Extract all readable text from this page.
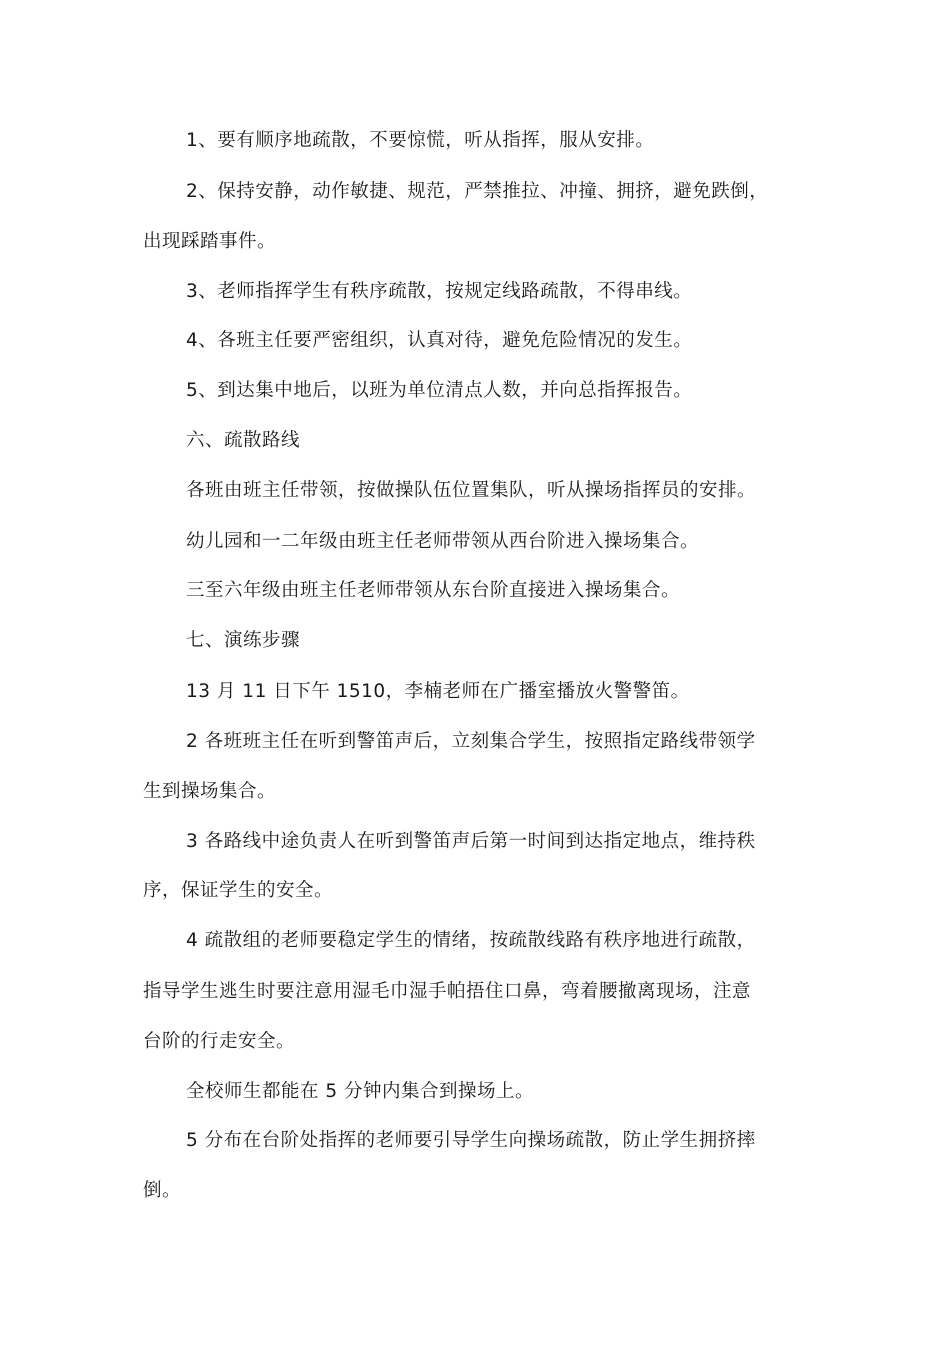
1、要有顺序地疏散，不要惊慌，听从指挥，服从安排。
2、保持安静，动作敏捷、规范，严禁推拉、冲撞、拥挤，避免跌倒，
出现踩踏事件。
3、老师指挥学生有秩序疏散，按规定线路疏散，不得串线。
4、各班主任要严密组织，认真对待，避免危险情况的发生。
5、到达集中地后，以班为单位清点人数，并向总指挥报告。
六、疏散路线
各班由班主任带领，按做操队伍位置集队，听从操场指挥员的安排。
幼儿园和一二年级由班主任老师带领从西台阶进入操场集合。
三至六年级由班主任老师带领从东台阶直接进入操场集合。
七、演练步骤
13 月 11 日下午 1510，李楠老师在广播室播放火警警笛。
2 各班班主任在听到警笛声后，立刻集合学生，按照指定路线带领学
生到操场集合。
3 各路线中途负责人在听到警笛声后第一时间到达指定地点，维持秩
序，保证学生的安全。
4 疏散组的老师要稳定学生的情绪，按疏散线路有秩序地进行疏散，
指导学生逃生时要注意用湿毛巾湿手帕捂住口鼻，弯着腰撤离现场，注意
台阶的行走安全。
全校师生都能在 5 分钟内集合到操场上。
5 分布在台阶处指挥的老师要引导学生向操场疏散，防止学生拥挤摔
倒。
